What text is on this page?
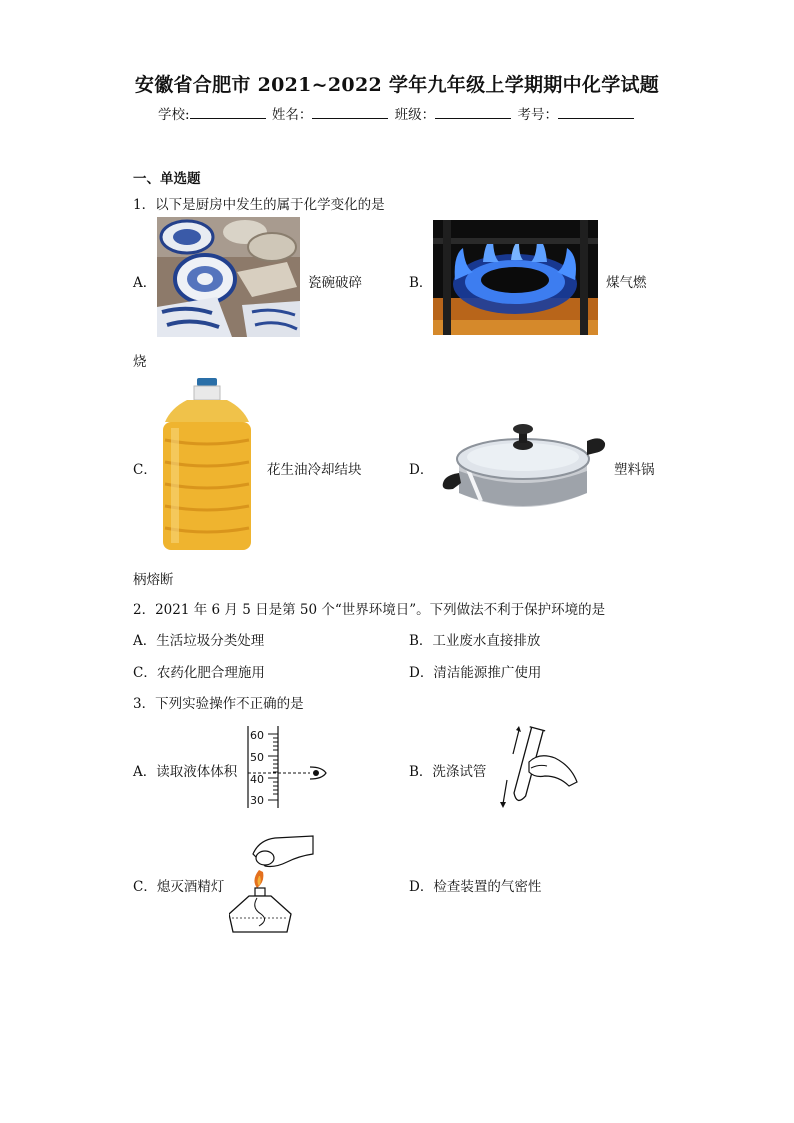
安徽省合肥市 2021~2022 学年九年级上学期期中化学试题
学校:	姓名：	班级：	考号：
一、单选题
1．以下是厨房中发生的属于化学变化的是
A．	瓷碗破碎	B．	煤气燃
烧
C．	花生油冷却结块	D．	塑料锅
柄熔断
2．2021 年 6 月 5 日是第 50 个“世界环境日”。下列做法不利于保护环境的是
A．生活垃圾分类处理	B．工业废水直接排放
C．农药化肥合理施用	D．清洁能源推广使用
3．下列实验操作不正确的是
A．读取液体体积
60
50
40
30
B．洗涤试管
C．熄灭酒精灯	D．检查装置的气密性
